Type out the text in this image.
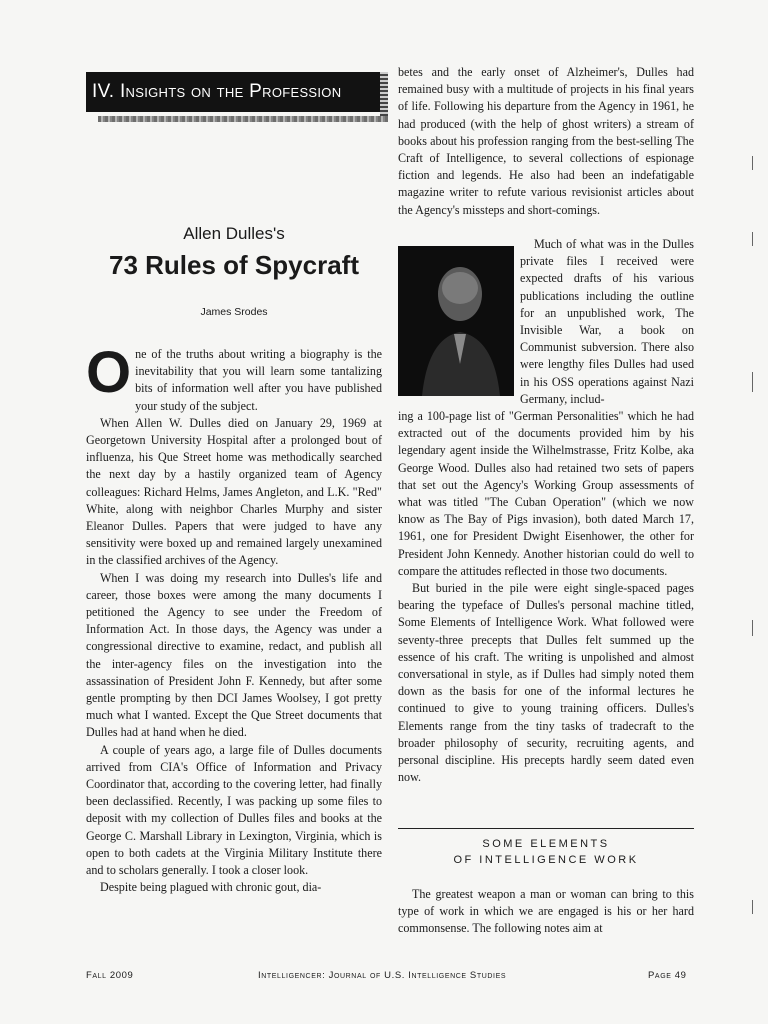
IV. Insights on the Profession
Allen Dulles's
73 Rules of Spycraft
James Srodes

One of the truths about writing a biography is the inevitability that you will learn some tantalizing bits of information well after you have published your study of the subject.

When Allen W. Dulles died on January 29, 1969 at Georgetown University Hospital after a prolonged bout of influenza, his Que Street home was methodically searched the next day by a hastily organized team of Agency colleagues: Richard Helms, James Angleton, and L.K. "Red" White, along with neighbor Charles Murphy and sister Eleanor Dulles. Papers that were judged to have any sensitivity were boxed up and remained largely unexamined in the classified archives of the Agency.

When I was doing my research into Dulles's life and career, those boxes were among the many documents I petitioned the Agency to see under the Freedom of Information Act. In those days, the Agency was under a congressional directive to examine, redact, and publish all the inter-agency files on the investigation into the assassination of President John F. Kennedy, but after some gentle prompting by then DCI James Woolsey, I got pretty much what I wanted. Except the Que Street documents that Dulles had at hand when he died.

A couple of years ago, a large file of Dulles documents arrived from CIA's Office of Information and Privacy Coordinator that, according to the covering letter, had finally been declassified. Recently, I was packing up some files to deposit with my collection of Dulles files and books at the George C. Marshall Library in Lexington, Virginia, which is open to both cadets at the Virginia Military Institute there and to scholars generally. I took a closer look.

Despite being plagued with chronic gout, dia-

betes and the early onset of Alzheimer's, Dulles had remained busy with a multitude of projects in his final years of life. Following his departure from the Agency in 1961, he had produced (with the help of ghost writers) a stream of books about his profession ranging from the best-selling The Craft of Intelligence, to several collections of espionage fiction and legends. He also had been an indefatigable magazine writer to refute various revisionist articles about the Agency's missteps and short-comings.

Much of what was in the Dulles private files I received were expected drafts of his various publications including the outline for an unpublished work, The Invisible War, a book on Communist subversion. There also were lengthy files Dulles had used in his OSS operations against Nazi Germany, includ-

ing a 100-page list of "German Personalities" which he had extracted out of the documents provided him by his legendary agent inside the Wilhelmstrasse, Fritz Kolbe, aka George Wood. Dulles also had retained two sets of papers that set out the Agency's Working Group assessments of what was titled "The Cuban Operation" (which we now know as The Bay of Pigs invasion), both dated March 17, 1961, one for President Dwight Eisenhower, the other for President John Kennedy. Another historian could do well to compare the attitudes reflected in those two documents.

But buried in the pile were eight single-spaced pages bearing the typeface of Dulles's personal machine titled, Some Elements of Intelligence Work. What followed were seventy-three precepts that Dulles felt summed up the essence of his craft. The writing is unpolished and almost conversational in style, as if Dulles had simply noted them down as the basis for one of the informal lectures he continued to give to young training officers. Dulles's Elements range from the tiny tasks of tradecraft to the broader philosophy of security, recruiting agents, and personal discipline. His precepts hardly seem dated even now.

SOME ELEMENTS
OF INTELLIGENCE WORK

The greatest weapon a man or woman can bring to this type of work in which we are engaged is his or her hard commonsense. The following notes aim at

Fall 2009	Intelligencer: Journal of U.S. Intelligence Studies	Page 49
